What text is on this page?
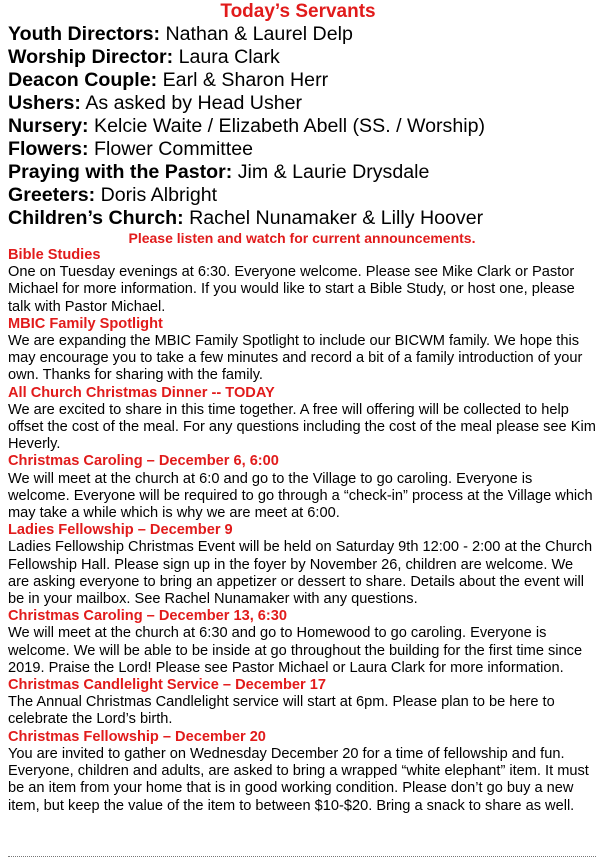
Today’s Servants
Youth Directors: Nathan & Laurel Delp
Worship Director: Laura Clark
Deacon Couple: Earl & Sharon Herr
Ushers: As asked by Head Usher
Nursery: Kelcie Waite / Elizabeth Abell (SS. / Worship)
Flowers: Flower Committee
Praying with the Pastor: Jim & Laurie Drysdale
Greeters: Doris Albright
Children’s Church: Rachel Nunamaker & Lilly Hoover
Please listen and watch for current announcements.
Bible Studies

One on Tuesday evenings at 6:30. Everyone welcome. Please see Mike Clark or Pastor Michael for more information. If you would like to start a Bible Study, or host one, please talk with Pastor Michael.

MBIC Family Spotlight

We are expanding the MBIC Family Spotlight to include our BICWM family. We hope this may encourage you to take a few minutes and record a bit of a family introduction of your own. Thanks for sharing with the family.

All Church Christmas Dinner -- TODAY

We are excited to share in this time together. A free will offering will be collected to help offset the cost of the meal. For any questions including the cost of the meal please see Kim Heverly.

Christmas Caroling – December 6, 6:00

We will meet at the church at 6:0 and go to the Village to go caroling. Everyone is welcome. Everyone will be required to go through a “check-in” process at the Village which may take a while which is why we are meet at 6:00.

Ladies Fellowship – December 9

Ladies Fellowship Christmas Event will be held on Saturday 9th 12:00 - 2:00 at the Church Fellowship Hall. Please sign up in the foyer by November 26, children are welcome. We are asking everyone to bring an appetizer or dessert to share. Details about the event will be in your mailbox. See Rachel Nunamaker with any questions.

Christmas Caroling – December 13, 6:30

We will meet at the church at 6:30 and go to Homewood to go caroling. Everyone is welcome. We will be able to be inside at go throughout the building for the first time since 2019. Praise the Lord! Please see Pastor Michael or Laura Clark for more information.

Christmas Candlelight Service – December 17

The Annual Christmas Candlelight service will start at 6pm. Please plan to be here to celebrate the Lord’s birth.

Christmas Fellowship – December 20

You are invited to gather on Wednesday December 20 for a time of fellowship and fun. Everyone, children and adults, are asked to bring a wrapped “white elephant” item. It must be an item from your home that is in good working condition. Please don’t go buy a new item, but keep the value of the item to between $10-$20. Bring a snack to share as well.
